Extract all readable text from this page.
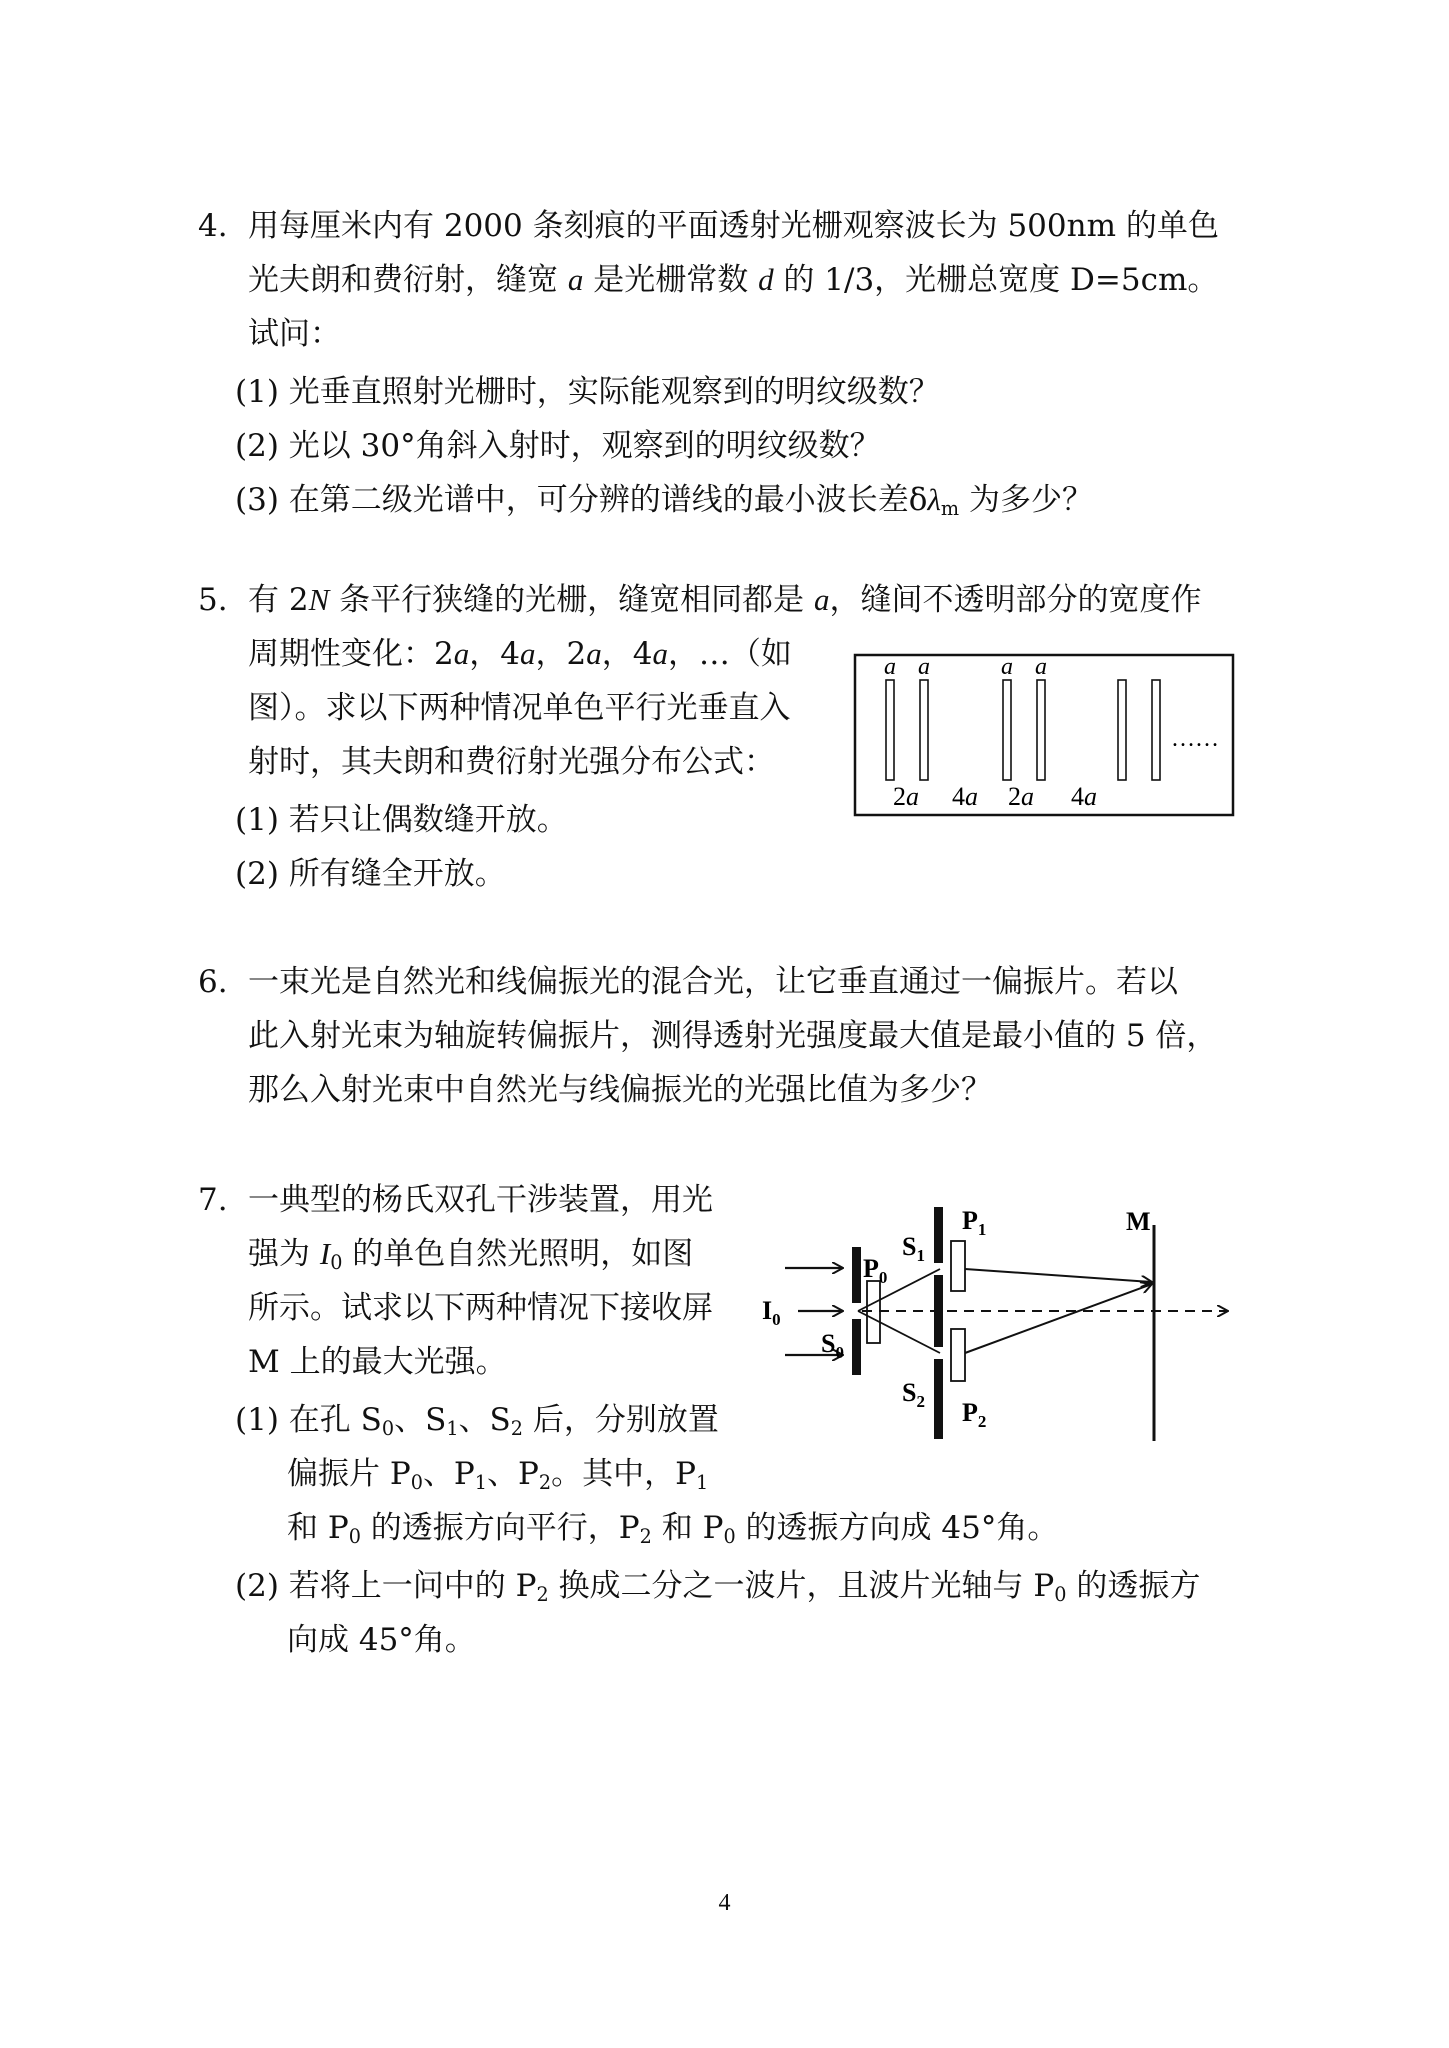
4. 用每厘米内有 2000 条刻痕的平面透射光栅观察波长为 500nm 的单色
光夫朗和费衍射，缝宽 a 是光栅常数 d 的 1/3，光栅总宽度 D=5cm。
试问：
(1) 光垂直照射光栅时，实际能观察到的明纹级数？
(2) 光以 30°角斜入射时，观察到的明纹级数？
(3) 在第二级光谱中，可分辨的谱线的最小波长差$\delta\lambda_m$ 为多少？
5. 有 2N 条平行狭缝的光栅，缝宽相同都是 a，缝间不透明部分的宽度作
周期性变化：2a，4a，2a，4a，…（如
图）。求以下两种情况单色平行光垂直入
射时，其夫朗和费衍射光强分布公式：
(1) 若只让偶数缝开放。
(2) 所有缝全开放。
a a	a a
2a 4a 2a 4a
……
6. 一束光是自然光和线偏振光的混合光，让它垂直通过一偏振片。若以
此入射光束为轴旋转偏振片，测得透射光强度最大值是最小值的 5 倍，
那么入射光束中自然光与线偏振光的光强比值为多少？
7. 一典型的杨氏双孔干涉装置，用光
强为 $I_0$ 的单色自然光照明，如图
所示。试求以下两种情况下接收屏
M 上的最大光强。
(1) 在孔 $S_0$、$S_1$、$S_2$ 后，分别放置
偏振片 $P_0$、$P_1$、$P_2$。其中，$P_1$
和 $P_0$ 的透振方向平行，$P_2$ 和 $P_0$ 的透振方向成 45°角。
(2) 若将上一问中的 $P_2$ 换成二分之一波片，且波片光轴与 $P_0$ 的透振方
向成 45°角。
$I_0$
$P_0$
$S_0$
$S_1$
$S_2$
$P_1$
$P_2$
M
4
